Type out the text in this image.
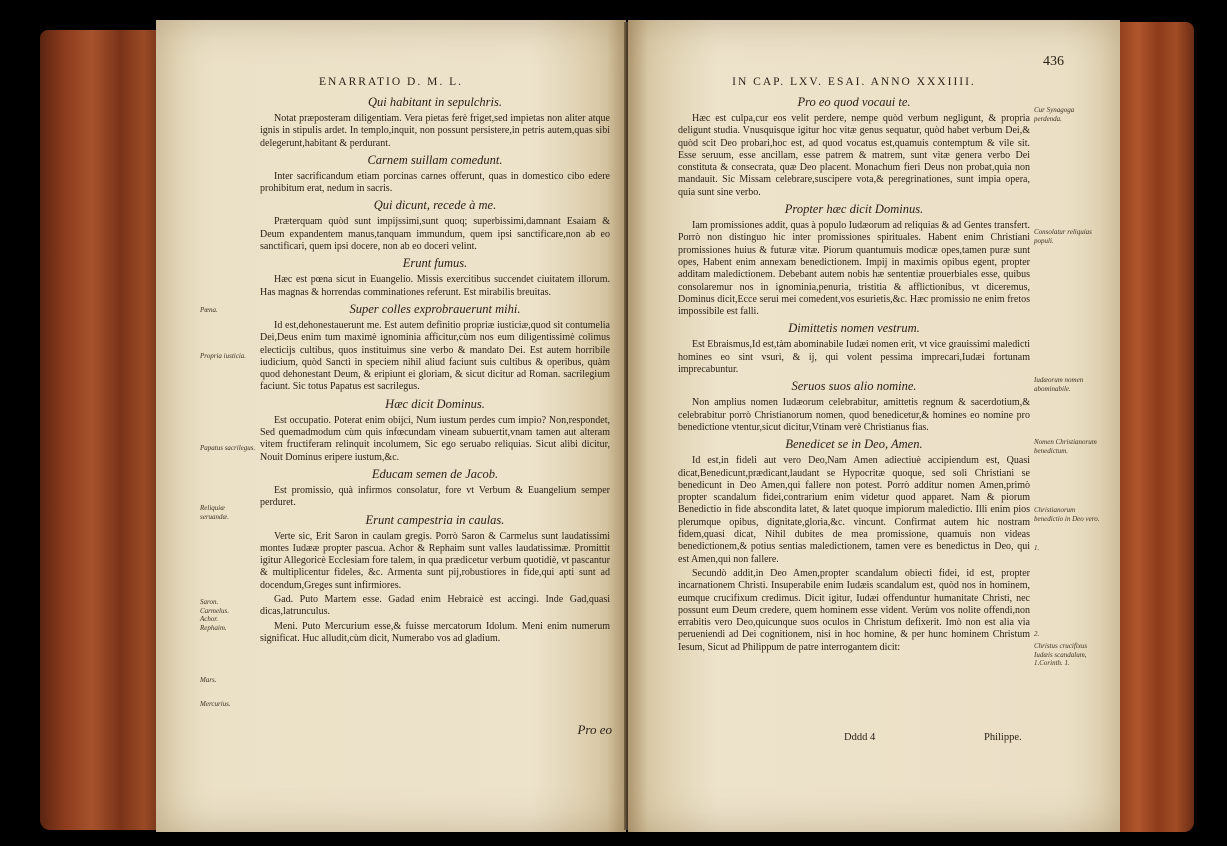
ENARRATIO D. M. L.
Qui habitant in sepulchris.
Notat præposteram diligentiam. Vera pietas ferè friget,sed impietas non aliter atque ignis in stipulis ardet. In templo,inquit, non possunt persistere,in petris autem,quas sibi delegerunt,habitant & perdurant.
Carnem suillam comedunt.
Inter sacrificandum etiam porcinas carnes offerunt, quas in domestico cibo edere prohibitum erat, nedum in sacris.
Qui dicunt, recede à me.
Præterquam quòd sunt impijssimi,sunt quoq; superbissimi,damnant Esaiam & Deum expandentem manus,tanquam immundum, quem ipsi sanctificare,non ab eo sanctificari, quem ipsi docere, non ab eo doceri velint.
Erunt fumus.
Hæc est pœna sicut in Euangelio. Missis exercitibus succendet ciuitatem illorum. Has magnas & horrendas comminationes referunt. Est mirabilis breuitas.
Super colles exprobrauerunt mihi.
Id est,dehonestauerunt me. Est autem definitio propriæ iusticiæ,quod sit contumelia Dei,Deus enim tum maximè ignominia afficitur,cùm nos eum diligentissimè colimus electicijs cultibus, quos instituimus sine verbo & mandato Dei. Est autem horribile iudicium, quòd Sancti in speciem nihil aliud faciunt suis cultibus & operibus, quàm quod dehonestant Deum, & eripiunt ei gloriam, & sicut dicitur ad Roman. sacrilegium faciunt. Sic totus Papatus est sacrilegus.
Hæc dicit Dominus.
Est occupatio. Poterat enim obijci, Num iustum perdes cum impio? Non,respondet, Sed quemadmodum cùm quis infœcundam vineam subuertit,vnam tamen aut alteram vitem fructiferam relinquit incolumem, Sic ego seruabo reliquias. Sicut alibi dicitur, Nouit Dominus eripere iustum,&c.
Educam semen de Jacob.
Est promissio, quà infirmos consolatur, fore vt Verbum & Euangelium semper perduret.
Erunt campestria in caulas.
Verte sic, Erit Saron in caulam gregis. Porrò Saron & Carmelus sunt laudatissimi montes Iudææ propter pascua. Achor & Rephaim sunt valles laudatissimæ. Promittit igitur Allegoricè Ecclesiam fore talem, in qua prædicetur verbum quotidiè, vt pascantur & multiplicentur fideles, &c. Armenta sunt pij,robustiores in fide,qui apti sunt ad docendum,Greges sunt infirmiores.
Gad. Puto Martem esse. Gadad enim Hebraicè est accingi. Inde Gad,quasi dicas,latrunculus.
Meni. Puto Mercurium esse,& fuisse mercatorum Idolum. Meni enim numerum significat. Huc alludit,cùm dicit, Numerabo vos ad gladium.
Pro eo
Pœna.
Propria iusticia.
Papatus sacrilegus.
Reliquiæ seruandæ.
Saron. Carmelus. Achor. Rephaim.
Mars.
Mercurius.
IN CAP. LXV. ESAI. ANNO XXXIIII.
436
Pro eo quod vocaui te.
Hæc est culpa,cur eos velit perdere, nempe quòd verbum negligunt, & propria deligunt studia. Vnusquisque igitur hoc vitæ genus sequatur, quòd habet verbum Dei,& quòd scit Deo probari,hoc est, ad quod vocatus est,quamuis contemptum & vile sit. Esse seruum, esse ancillam, esse patrem & matrem, sunt vitæ genera verbo Dei constituta & consecrata, quæ Deo placent. Monachum fieri Deus non probat,quia non mandauit. Sic Missam celebrare,suscipere vota,& peregrinationes, sunt impia opera, quia sunt sine verbo.
Propter hæc dicit Dominus.
Iam promissiones addit, quas à populo Iudæorum ad reliquias & ad Gentes transfert. Porrò non distinguo hic inter promissiones spirituales. Habent enim Christiani promissiones huius & futuræ vitæ. Piorum quantumuis modicæ opes,tamen puræ sunt opes, Habent enim annexam benedictionem. Impij in maximis opibus egent, propter additam maledictionem. Debebant autem nobis hæ sententiæ prouerbiales esse, quibus consolaremur nos in ignominia,penuria, tristitia & afflictionibus, vt diceremus, Dominus dicit,Ecce serui mei comedent,vos esurietis,&c. Hæc promissio ne enim fretos impossibile est falli.
Dimittetis nomen vestrum.
Est Ebraismus,Id est,tàm abominabile Iudæi nomen erit, vt vice grauissimi maledicti homines eo sint vsuri, & ij, qui volent pessima imprecari,Iudæi fortunam imprecabuntur.
Seruos suos alio nomine.
Non amplius nomen Iudæorum celebrabitur, amittetis regnum & sacerdotium,& celebrabitur porrò Christianorum nomen, quod benedicetur,& homines eo nomine pro benedictione vtentur,sicut dicitur,Vtinam verè Christianus fias.
Benedicet se in Deo, Amen.
Id est,in fideli aut vero Deo,Nam Amen adiectiuè accipiendum est, Quasi dicat,Benedicunt,prædicant,laudant se Hypocritæ quoque, sed soli Christiani se benedicunt in Deo Amen,qui fallere non potest. Porrò additur nomen Amen,primò propter scandalum fidei,contrarium enim videtur quod apparet. Nam & piorum Benedictio in fide abscondita latet, & latet quoque impiorum maledictio. Illi enim pios plerumque opibus, dignitate,gloria,&c. vincunt. Confirmat autem hic nostram fidem,quasi dicat, Nihil dubites de mea promissione, quamuis non videas benedictionem,& potius sentias maledictionem, tamen vere es benedictus in Deo, qui est Amen,qui non fallere.
Secundò addit,in Deo Amen,propter scandalum obiecti fidei, id est, propter incarnationem Christi. Insuperabile enim Iudæis scandalum est, quòd nos in hominem, eumque crucifixum credimus. Dicit igitur, Iudæi offenduntur humanitate Christi, nec possunt eum Deum credere, quem hominem esse vident. Verùm vos nolite offendi,non errabitis vero Deo,quicunque suos oculos in Christum defixerit. Imò non est alia via perueniendi ad Dei cognitionem, nisi in hoc homine, & per hunc hominem Christum Iesum, Sicut ad Philippum de patre interrogantem dicit:
Dddd 4	Philippe.
Cur Synagoga perdenda.
Consolatur reliquias populi.
Iudæorum nomen abominabile.
Nomen Christianorum benedictum.
Christianorum benedictio in Deo vero.
1.
2.
Christus crucifixus Iudæis scandalum, 1.Corinth. 1.
